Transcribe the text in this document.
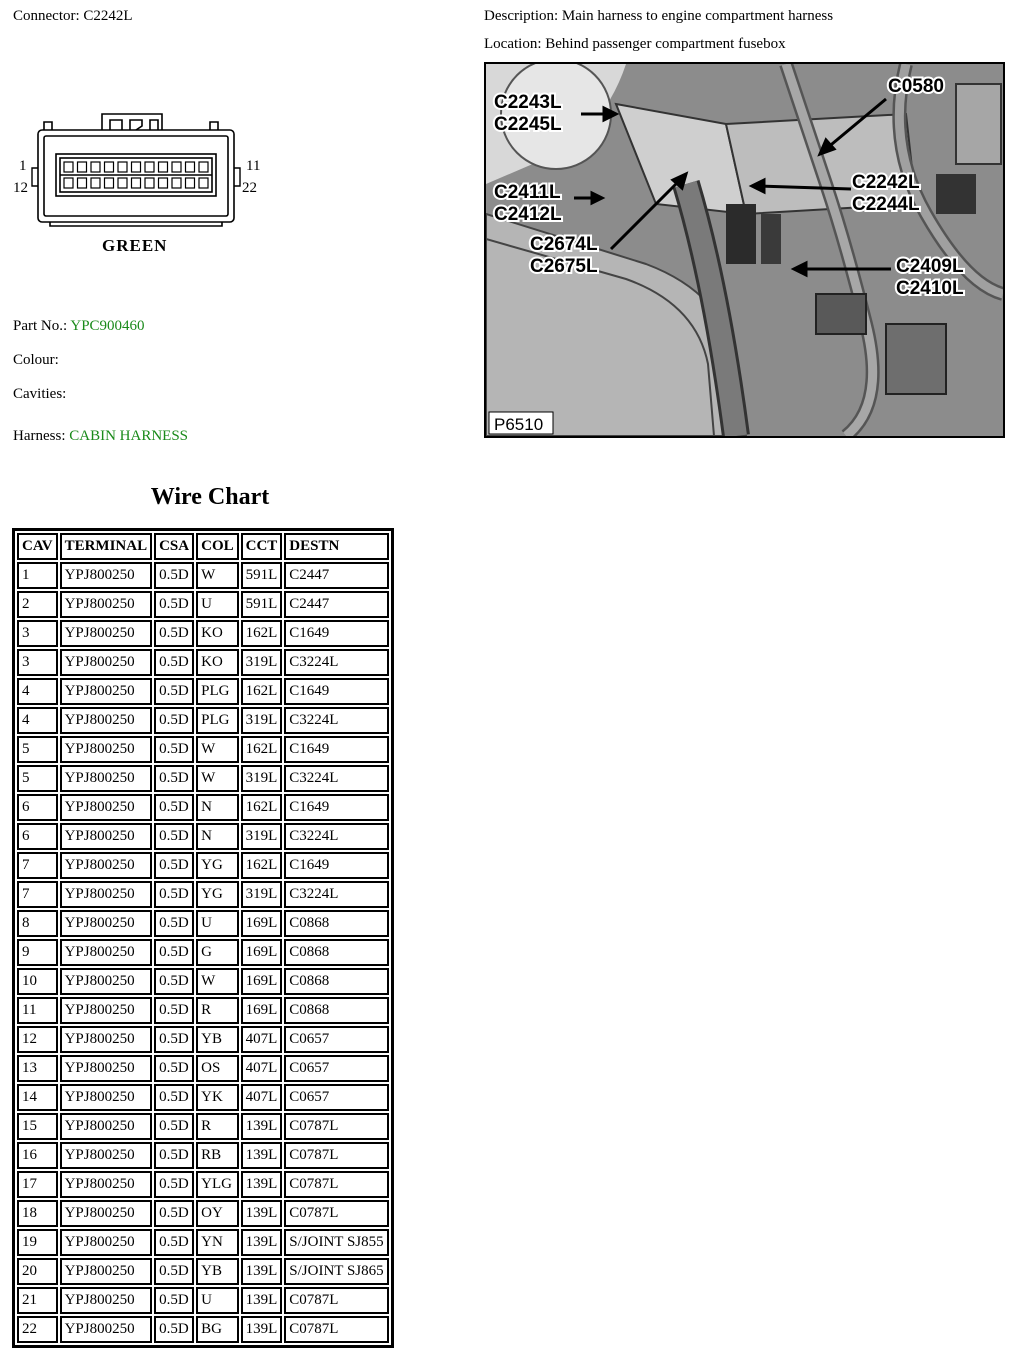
Connector: C2242L	Description: Main harness to engine compartment harness
Location: Behind passenger compartment fusebox
1
12
11
22
GREEN
Part No.: YPC900460
Colour:
Cavities:
Harness: CABIN HARNESS
C2243L
C2245L
C0580
C2411L
C2412L
C2242L
C2244L
C2674L
C2675L	C2409L
C2410L
P6510
Wire Chart
CAV	TERMINAL	CSA	COL	CCT	DESTN
1	YPJ800250	0.5D	W	591L	C2447
2	YPJ800250	0.5D	U	591L	C2447
3	YPJ800250	0.5D	KO	162L	C1649
3	YPJ800250	0.5D	KO	319L	C3224L
4	YPJ800250	0.5D	PLG	162L	C1649
4	YPJ800250	0.5D	PLG	319L	C3224L
5	YPJ800250	0.5D	W	162L	C1649
5	YPJ800250	0.5D	W	319L	C3224L
6	YPJ800250	0.5D	N	162L	C1649
6	YPJ800250	0.5D	N	319L	C3224L
7	YPJ800250	0.5D	YG	162L	C1649
7	YPJ800250	0.5D	YG	319L	C3224L
8	YPJ800250	0.5D	U	169L	C0868
9	YPJ800250	0.5D	G	169L	C0868
10	YPJ800250	0.5D	W	169L	C0868
11	YPJ800250	0.5D	R	169L	C0868
12	YPJ800250	0.5D	YB	407L	C0657
13	YPJ800250	0.5D	OS	407L	C0657
14	YPJ800250	0.5D	YK	407L	C0657
15	YPJ800250	0.5D	R	139L	C0787L
16	YPJ800250	0.5D	RB	139L	C0787L
17	YPJ800250	0.5D	YLG	139L	C0787L
18	YPJ800250	0.5D	OY	139L	C0787L
19	YPJ800250	0.5D	YN	139L	S/JOINT SJ855
20	YPJ800250	0.5D	YB	139L	S/JOINT SJ865
21	YPJ800250	0.5D	U	139L	C0787L
22	YPJ800250	0.5D	BG	139L	C0787L
